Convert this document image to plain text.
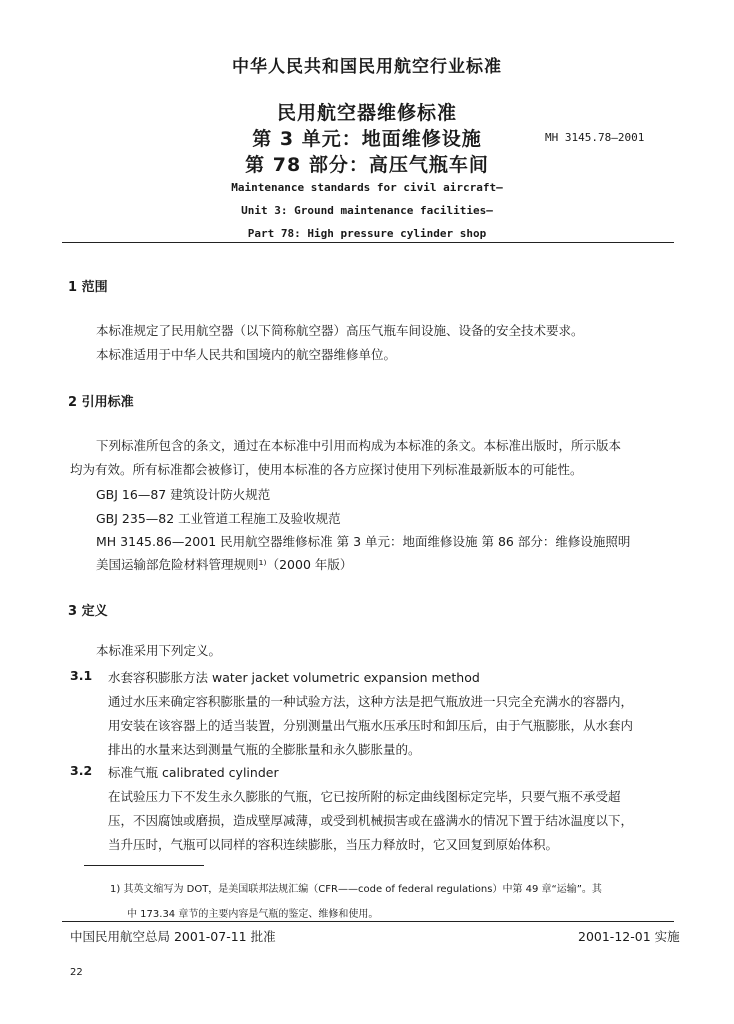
中华人民共和国民用航空行业标准
民用航空器维修标准
第 3 单元：地面维修设施	MH 3145.78—2001
第 78 部分：高压气瓶车间
Maintenance standards for civil aircraft—
Unit 3: Ground maintenance facilities—
Part 78: High pressure cylinder shop
1 范围
本标准规定了民用航空器（以下简称航空器）高压气瓶车间设施、设备的安全技术要求。
本标准适用于中华人民共和国境内的航空器维修单位。
2 引用标准
下列标准所包含的条文，通过在本标准中引用而构成为本标准的条文。本标准出版时，所示版本
均为有效。所有标准都会被修订，使用本标准的各方应探讨使用下列标准最新版本的可能性。
GBJ 16—87 建筑设计防火规范
GBJ 235—82 工业管道工程施工及验收规范
MH 3145.86—2001 民用航空器维修标准 第 3 单元：地面维修设施 第 86 部分：维修设施照明
美国运输部危险材料管理规则¹⁾（2000 年版）
3 定义
本标准采用下列定义。
3.1 水套容积膨胀方法 water jacket volumetric expansion method
通过水压来确定容积膨胀量的一种试验方法，这种方法是把气瓶放进一只完全充满水的容器内，
用安装在该容器上的适当装置，分别测量出气瓶水压承压时和卸压后，由于气瓶膨胀，从水套内
排出的水量来达到测量气瓶的全膨胀量和永久膨胀量的。
3.2 标准气瓶 calibrated cylinder
在试验压力下不发生永久膨胀的气瓶，它已按所附的标定曲线图标定完毕，只要气瓶不承受超
压，不因腐蚀或磨损，造成壁厚减薄，或受到机械损害或在盛满水的情况下置于结冰温度以下，
当升压时，气瓶可以同样的容积连续膨胀，当压力释放时，它又回复到原始体积。
1) 其英文缩写为 DOT，是美国联邦法规汇编（CFR——code of federal regulations）中第 49 章“运输”。其
中 173.34 章节的主要内容是气瓶的鉴定、维修和使用。
中国民用航空总局 2001-07-11 批准	2001-12-01 实施
22
